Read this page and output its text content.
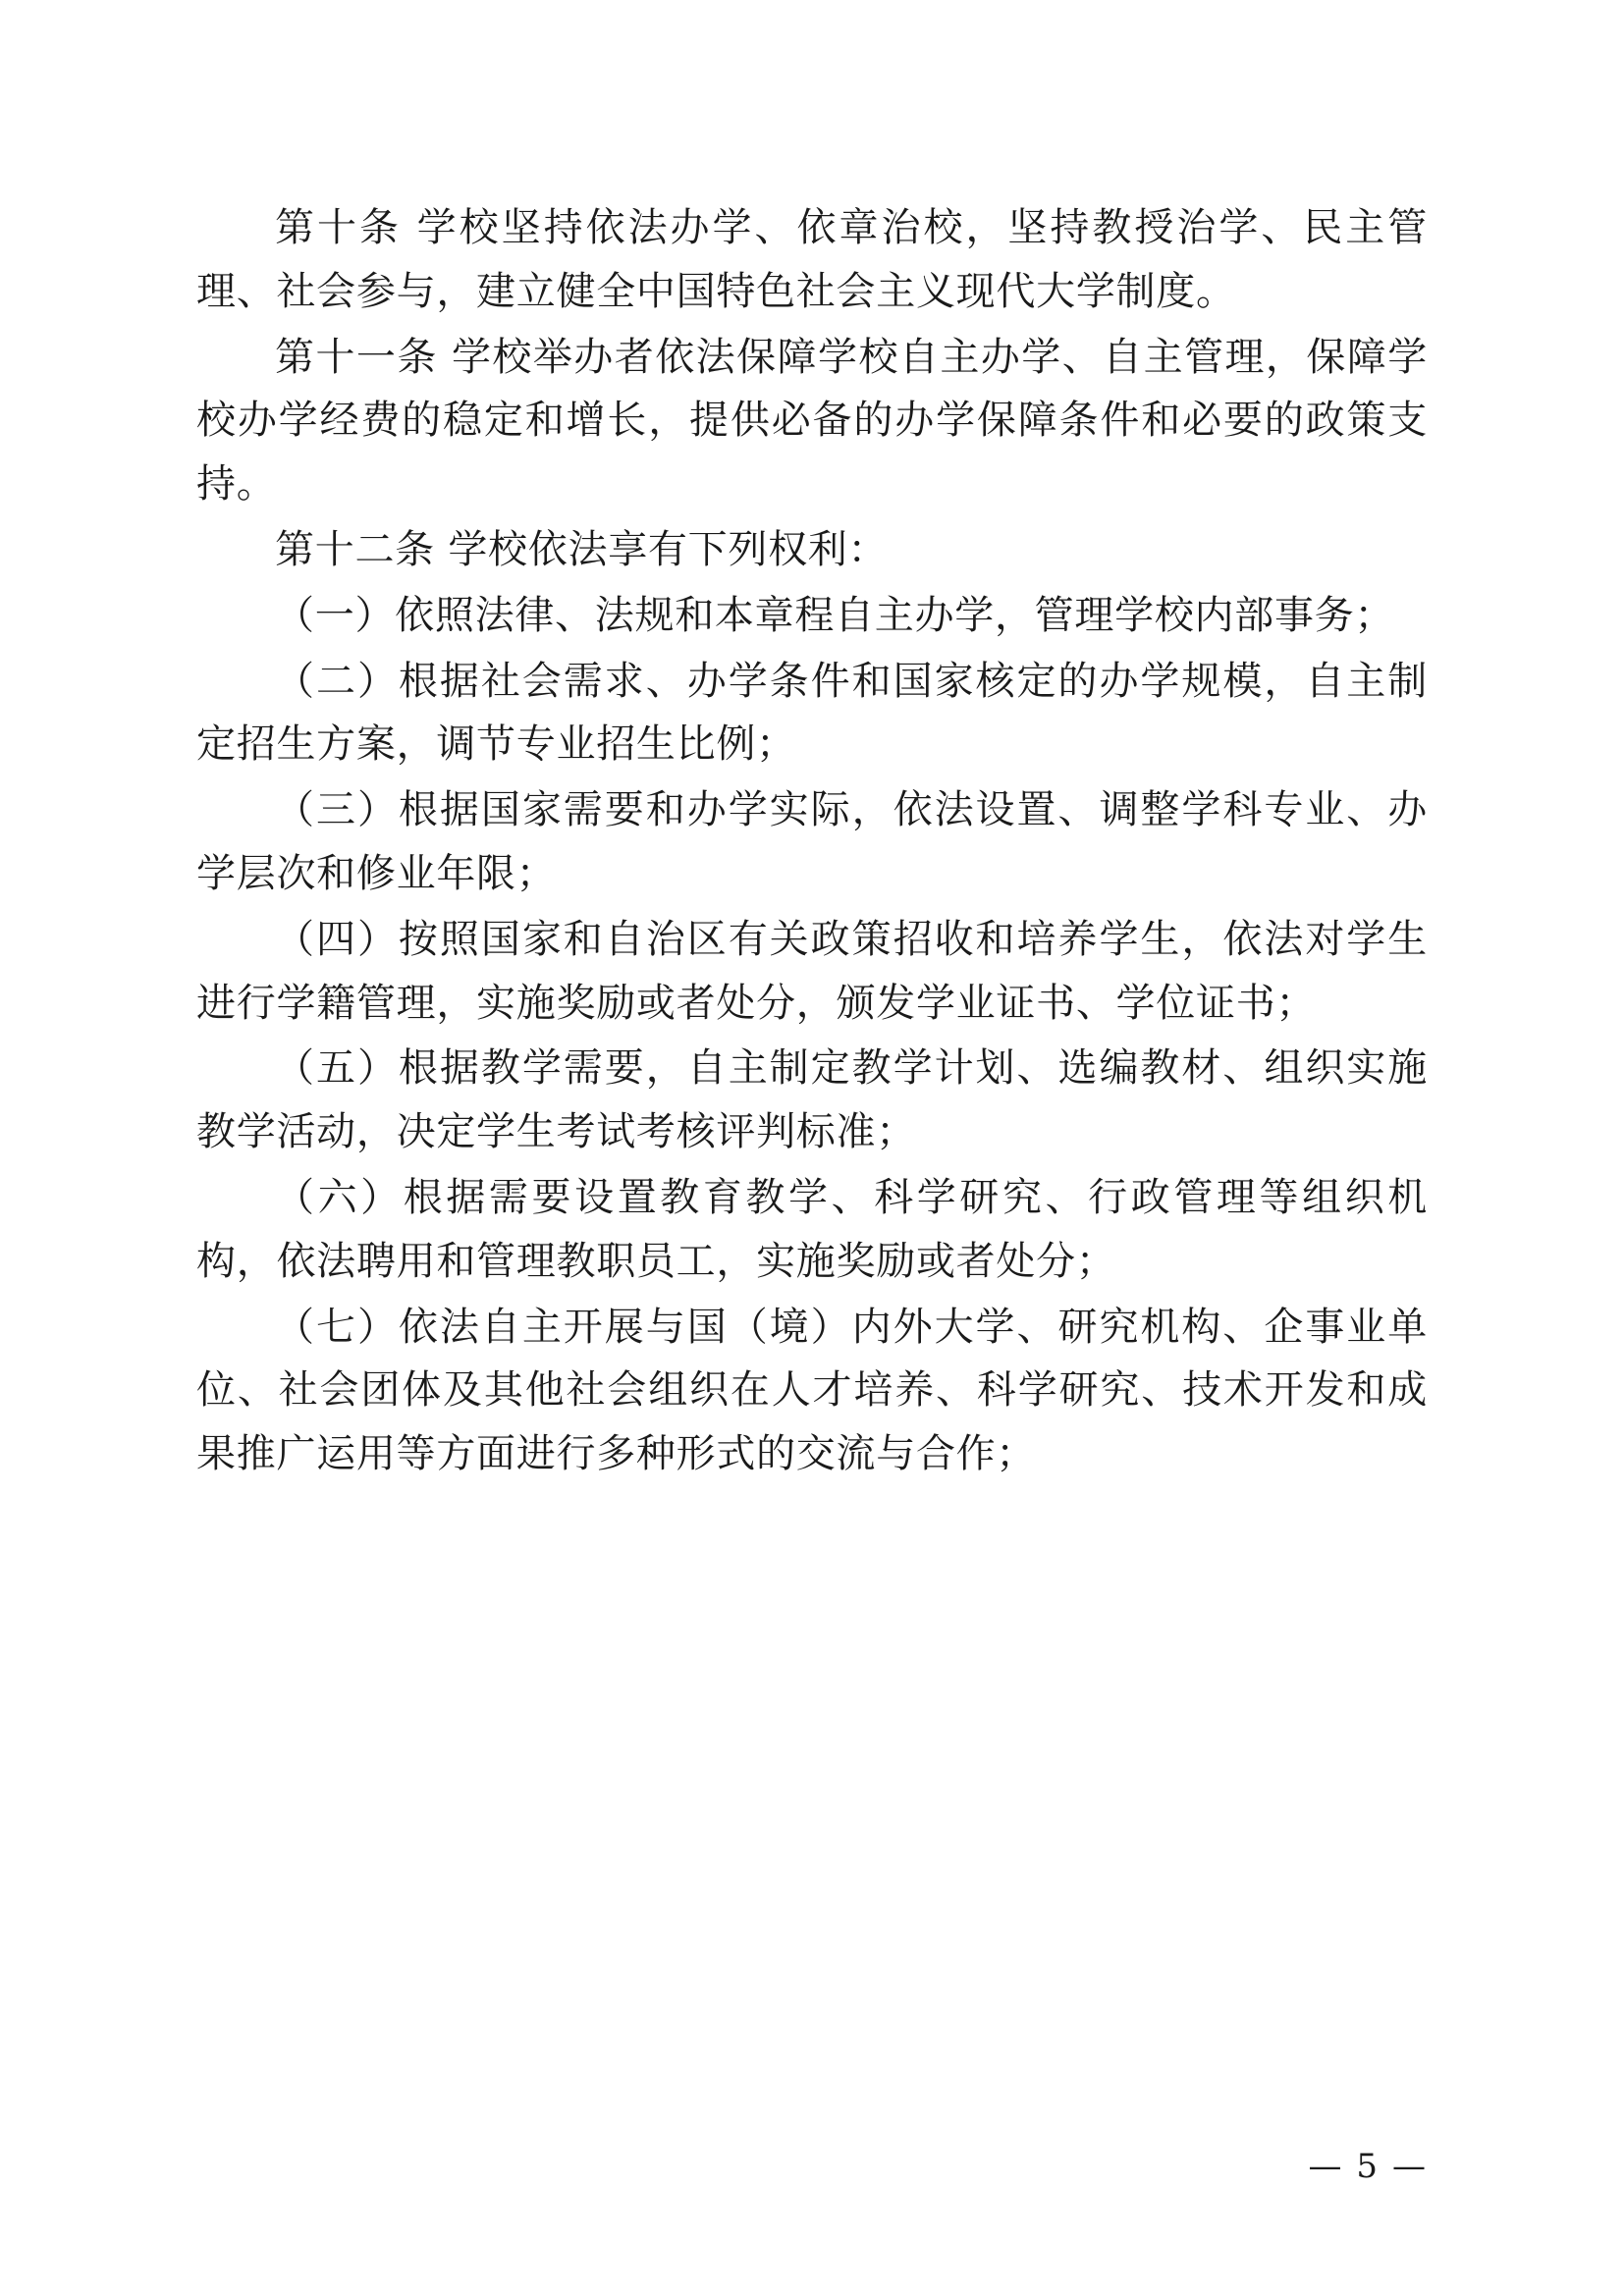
第十条 学校坚持依法办学、依章治校，坚持教授治学、民主管理、社会参与，建立健全中国特色社会主义现代大学制度。

第十一条 学校举办者依法保障学校自主办学、自主管理，保障学校办学经费的稳定和增长，提供必备的办学保障条件和必要的政策支持。

第十二条 学校依法享有下列权利：

（一）依照法律、法规和本章程自主办学，管理学校内部事务；

（二）根据社会需求、办学条件和国家核定的办学规模，自主制定招生方案，调节专业招生比例；

（三）根据国家需要和办学实际，依法设置、调整学科专业、办学层次和修业年限；

（四）按照国家和自治区有关政策招收和培养学生，依法对学生进行学籍管理，实施奖励或者处分，颁发学业证书、学位证书；

（五）根据教学需要，自主制定教学计划、选编教材、组织实施教学活动，决定学生考试考核评判标准；

（六）根据需要设置教育教学、科学研究、行政管理等组织机构，依法聘用和管理教职员工，实施奖励或者处分；

（七）依法自主开展与国（境）内外大学、研究机构、企事业单位、社会团体及其他社会组织在人才培养、科学研究、技术开发和成果推广运用等方面进行多种形式的交流与合作；

— 5 —
